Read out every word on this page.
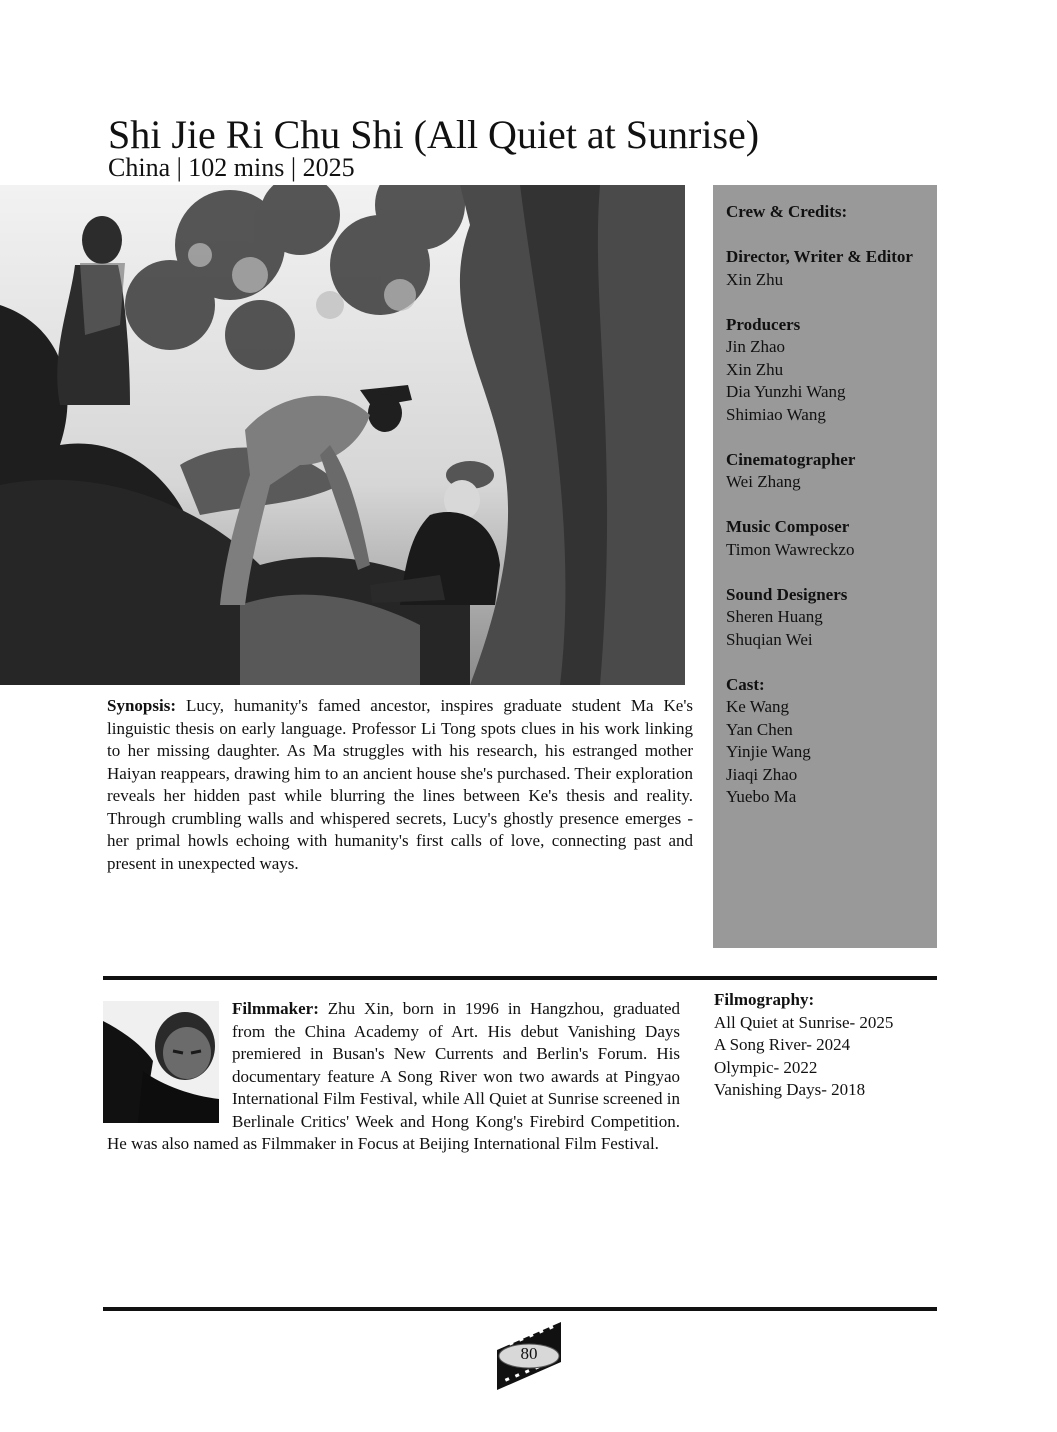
Shi Jie Ri Chu Shi (All Quiet at Sunrise)
China | 102 mins | 2025
Crew & Credits:
Director, Writer & Editor
Xin Zhu
Producers
Jin Zhao
Xin Zhu
Dia Yunzhi Wang
Shimiao Wang
Cinematographer
Wei Zhang
Music Composer
Timon Wawreckzo
Sound Designers
Sheren Huang
Shuqian Wei
Cast:
Ke Wang
Yan Chen
Yinjie Wang
Jiaqi Zhao
Yuebo Ma
Synopsis: Lucy, humanity's famed ancestor, inspires graduate student Ma Ke's linguistic thesis on early language. Professor Li Tong spots clues in his work linking to her missing daughter. As Ma struggles with his research, his estranged mother Haiyan reappears, drawing him to an ancient house she's purchased. Their exploration reveals her hidden past while blurring the lines between Ke's thesis and reality. Through crumbling walls and whispered secrets, Lucy's ghostly presence emerges - her primal howls echoing with humanity's first calls of love, connecting past and present in unexpected ways.
Filmmaker: Zhu Xin, born in 1996 in Hangzhou, graduated from the China Academy of Art. His debut Vanishing Days premiered in Busan's New Currents and Berlin's Forum. His documentary feature A Song River won two awards at Pingyao International Film Festival, while All Quiet at Sunrise screened in Berlinale Critics' Week and Hong Kong's Firebird Competition. He was also named as Filmmaker in Focus at Beijing International Film Festival.
Filmography:
All Quiet at Sunrise- 2025
A Song River- 2024
Olympic- 2022
Vanishing Days- 2018
80
